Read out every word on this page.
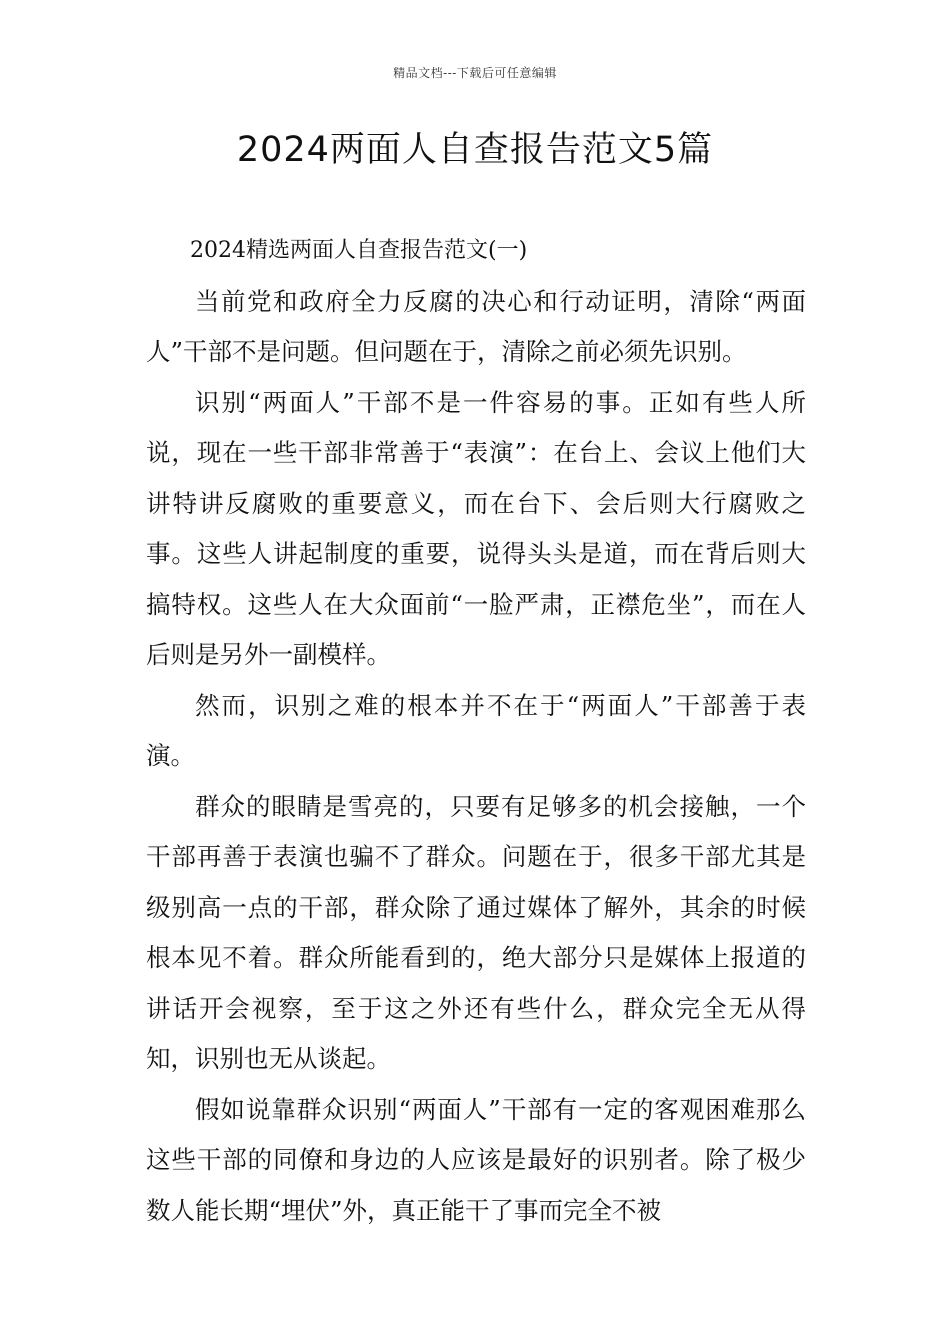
精品文档---下载后可任意编辑
2024两面人自查报告范文5篇

2024精选两面人自查报告范文(一)

当前党和政府全力反腐的决心和行动证明，清除“两面人”干部不是问题。但问题在于，清除之前必须先识别。

识别“两面人”干部不是一件容易的事。正如有些人所说，现在一些干部非常善于“表演”：在台上、会议上他们大讲特讲反腐败的重要意义，而在台下、会后则大行腐败之事。这些人讲起制度的重要，说得头头是道，而在背后则大搞特权。这些人在大众面前“一脸严肃，正襟危坐”，而在人后则是另外一副模样。

然而，识别之难的根本并不在于“两面人”干部善于表演。

群众的眼睛是雪亮的，只要有足够多的机会接触，一个干部再善于表演也骗不了群众。问题在于，很多干部尤其是级别高一点的干部，群众除了通过媒体了解外，其余的时候根本见不着。群众所能看到的，绝大部分只是媒体上报道的讲话开会视察，至于这之外还有些什么，群众完全无从得知，识别也无从谈起。

假如说靠群众识别“两面人”干部有一定的客观困难那么这些干部的同僚和身边的人应该是最好的识别者。除了极少数人能长期“埋伏”外，真正能干了事而完全不被
